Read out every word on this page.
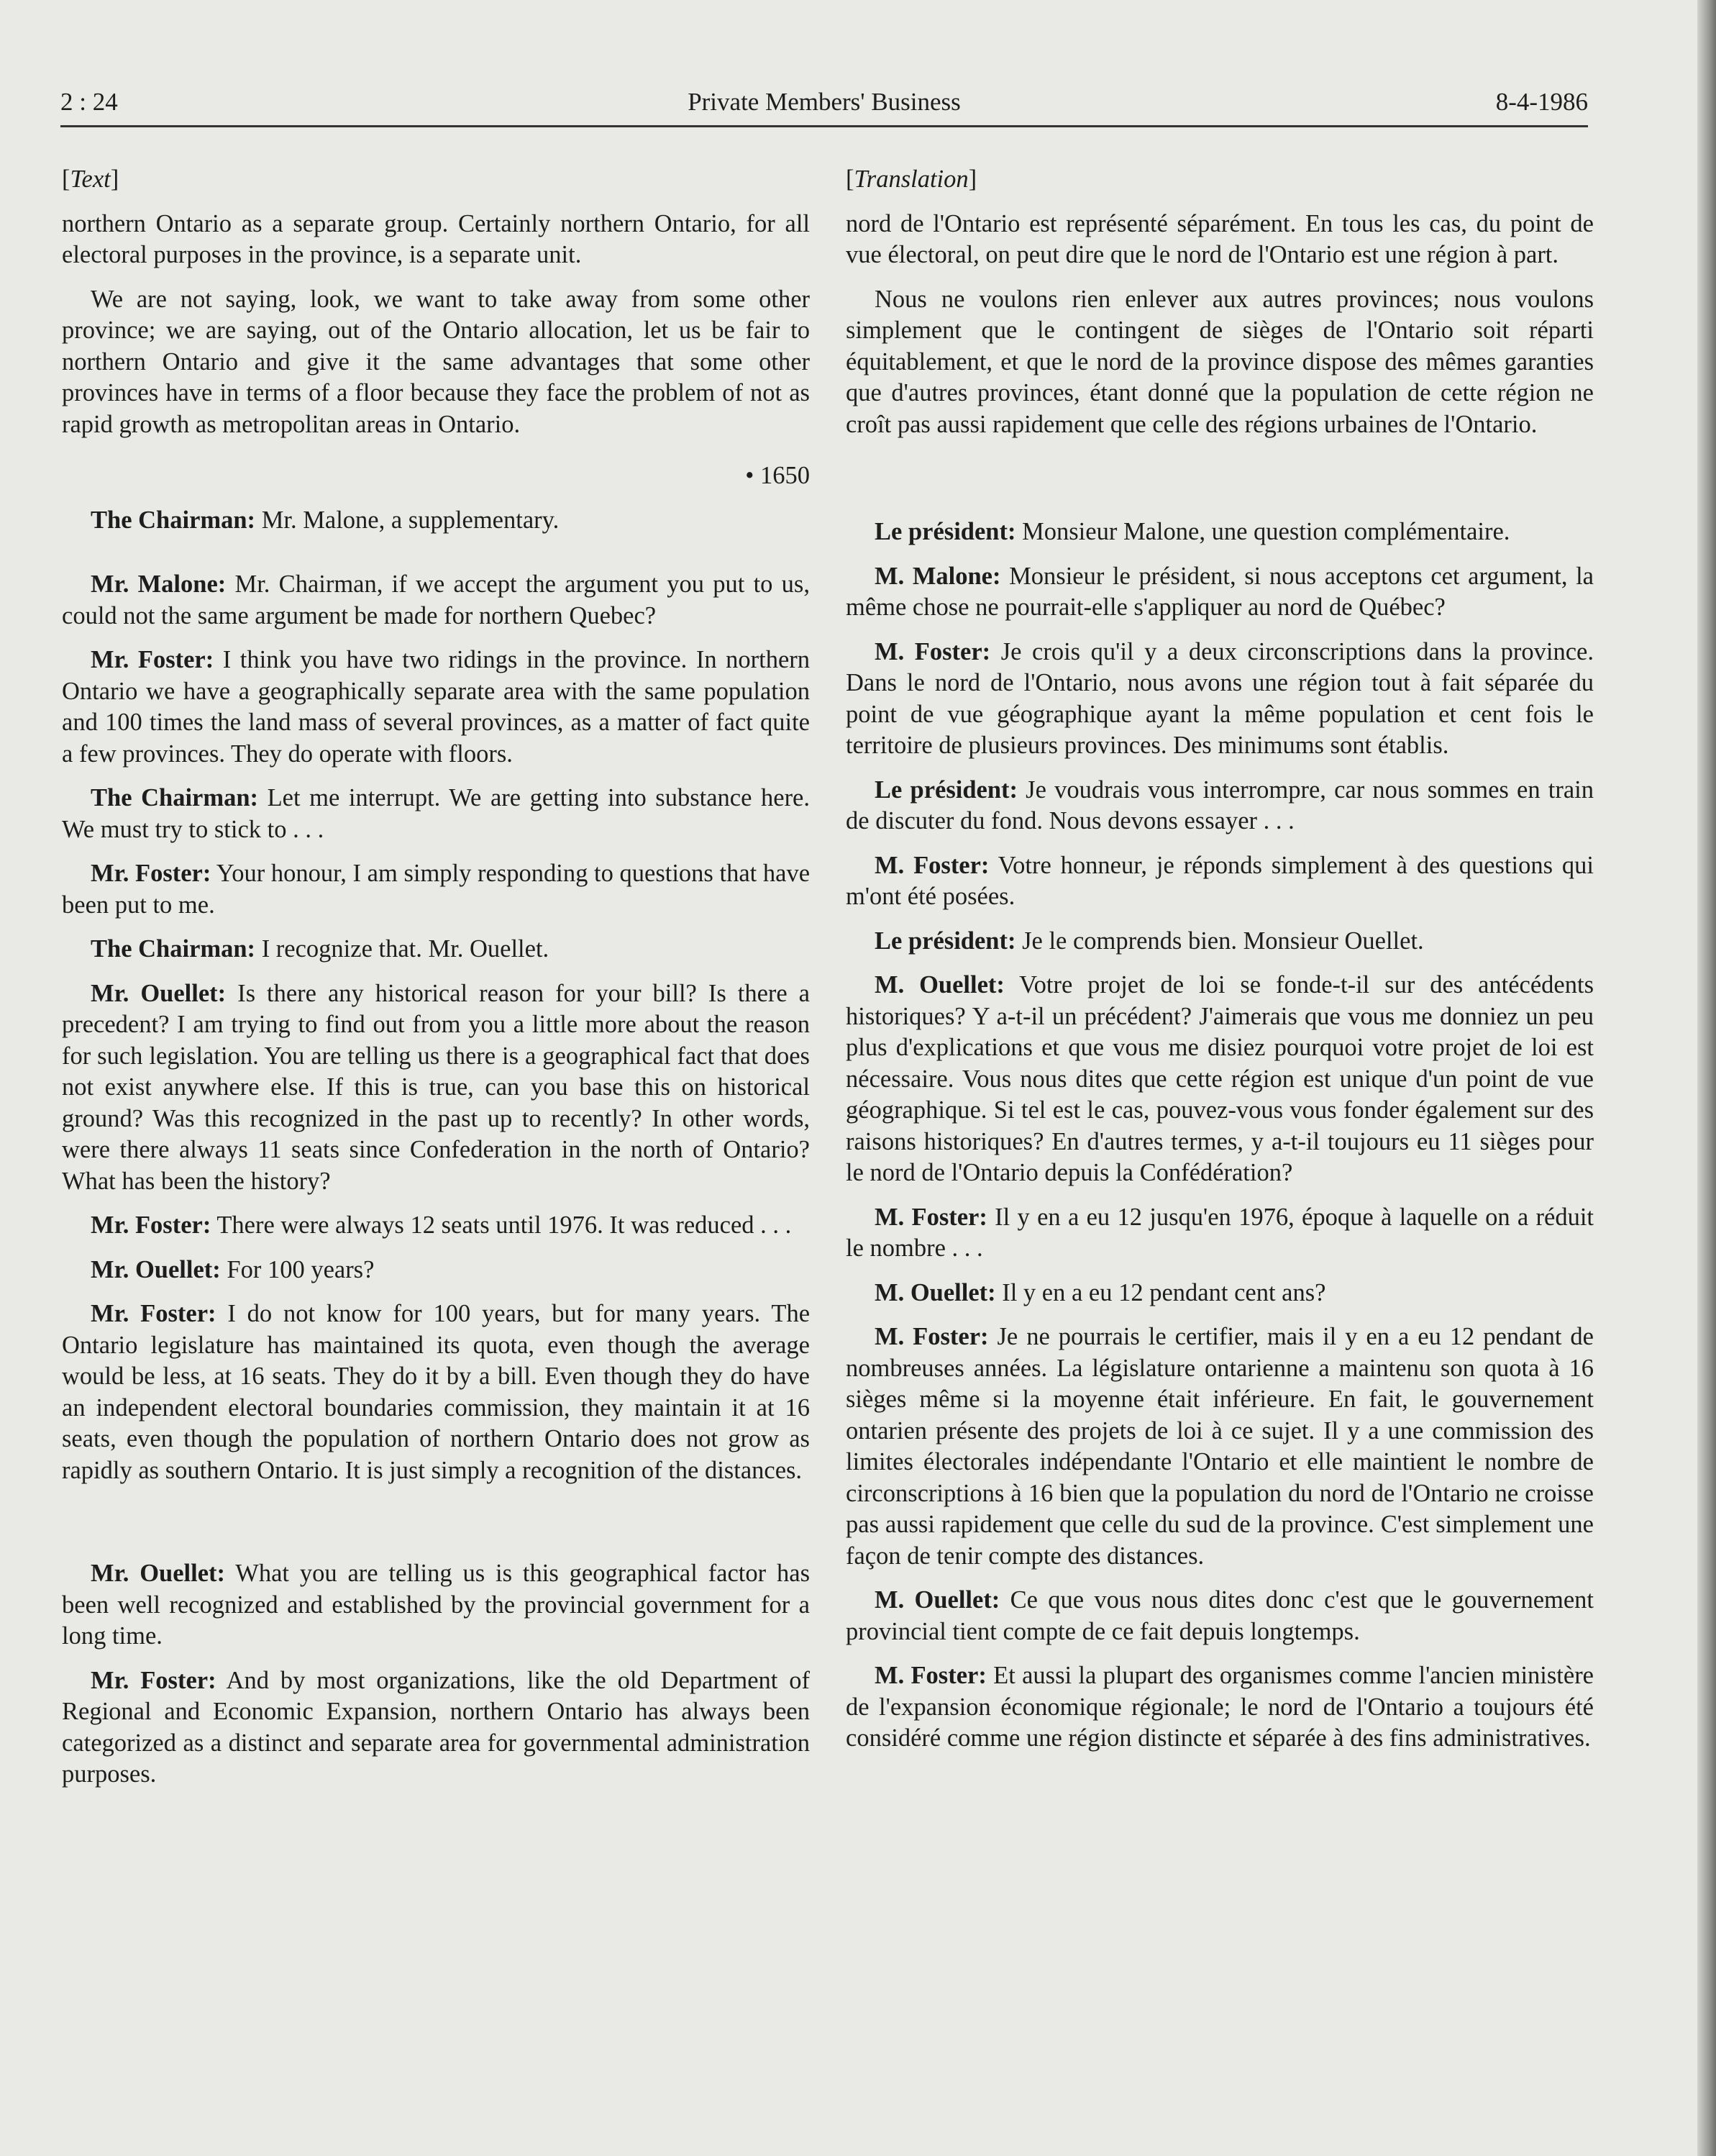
2 : 24	Private Members' Business	8-4-1986

[Text]

northern Ontario as a separate group. Certainly northern Ontario, for all electoral purposes in the province, is a separate unit.

We are not saying, look, we want to take away from some other province; we are saying, out of the Ontario allocation, let us be fair to northern Ontario and give it the same advantages that some other provinces have in terms of a floor because they face the problem of not as rapid growth as metropolitan areas in Ontario.

• 1650

The Chairman: Mr. Malone, a supplementary.

Mr. Malone: Mr. Chairman, if we accept the argument you put to us, could not the same argument be made for northern Quebec?

Mr. Foster: I think you have two ridings in the province. In northern Ontario we have a geographically separate area with the same population and 100 times the land mass of several provinces, as a matter of fact quite a few provinces. They do operate with floors.

The Chairman: Let me interrupt. We are getting into substance here. We must try to stick to . . .

Mr. Foster: Your honour, I am simply responding to questions that have been put to me.

The Chairman: I recognize that. Mr. Ouellet.

Mr. Ouellet: Is there any historical reason for your bill? Is there a precedent? I am trying to find out from you a little more about the reason for such legislation. You are telling us there is a geographical fact that does not exist anywhere else. If this is true, can you base this on historical ground? Was this recognized in the past up to recently? In other words, were there always 11 seats since Confederation in the north of Ontario? What has been the history?

Mr. Foster: There were always 12 seats until 1976. It was reduced . . .

Mr. Ouellet: For 100 years?

Mr. Foster: I do not know for 100 years, but for many years. The Ontario legislature has maintained its quota, even though the average would be less, at 16 seats. They do it by a bill. Even though they do have an independent electoral boundaries commission, they maintain it at 16 seats, even though the population of northern Ontario does not grow as rapidly as southern Ontario. It is just simply a recognition of the distances.

Mr. Ouellet: What you are telling us is this geographical factor has been well recognized and established by the provincial government for a long time.

Mr. Foster: And by most organizations, like the old Department of Regional and Economic Expansion, northern Ontario has always been categorized as a distinct and separate area for governmental administration purposes.

[Translation]

nord de l'Ontario est représenté séparément. En tous les cas, du point de vue électoral, on peut dire que le nord de l'Ontario est une région à part.

Nous ne voulons rien enlever aux autres provinces; nous voulons simplement que le contingent de sièges de l'Ontario soit réparti équitablement, et que le nord de la province dispose des mêmes garanties que d'autres provinces, étant donné que la population de cette région ne croît pas aussi rapidement que celle des régions urbaines de l'Ontario.

Le président: Monsieur Malone, une question complémentaire.

M. Malone: Monsieur le président, si nous acceptons cet argument, la même chose ne pourrait-elle s'appliquer au nord de Québec?

M. Foster: Je crois qu'il y a deux circonscriptions dans la province. Dans le nord de l'Ontario, nous avons une région tout à fait séparée du point de vue géographique ayant la même population et cent fois le territoire de plusieurs provinces. Des minimums sont établis.

Le président: Je voudrais vous interrompre, car nous sommes en train de discuter du fond. Nous devons essayer . . .

M. Foster: Votre honneur, je réponds simplement à des questions qui m'ont été posées.

Le président: Je le comprends bien. Monsieur Ouellet.

M. Ouellet: Votre projet de loi se fonde-t-il sur des antécédents historiques? Y a-t-il un précédent? J'aimerais que vous me donniez un peu plus d'explications et que vous me disiez pourquoi votre projet de loi est nécessaire. Vous nous dites que cette région est unique d'un point de vue géographique. Si tel est le cas, pouvez-vous vous fonder également sur des raisons historiques? En d'autres termes, y a-t-il toujours eu 11 sièges pour le nord de l'Ontario depuis la Confédération?

M. Foster: Il y en a eu 12 jusqu'en 1976, époque à laquelle on a réduit le nombre . . .

M. Ouellet: Il y en a eu 12 pendant cent ans?

M. Foster: Je ne pourrais le certifier, mais il y en a eu 12 pendant de nombreuses années. La législature ontarienne a maintenu son quota à 16 sièges même si la moyenne était inférieure. En fait, le gouvernement ontarien présente des projets de loi à ce sujet. Il y a une commission des limites électorales indépendante l'Ontario et elle maintient le nombre de circonscriptions à 16 bien que la population du nord de l'Ontario ne croisse pas aussi rapidement que celle du sud de la province. C'est simplement une façon de tenir compte des distances.

M. Ouellet: Ce que vous nous dites donc c'est que le gouvernement provincial tient compte de ce fait depuis longtemps.

M. Foster: Et aussi la plupart des organismes comme l'ancien ministère de l'expansion économique régionale; le nord de l'Ontario a toujours été considéré comme une région distincte et séparée à des fins administratives.
